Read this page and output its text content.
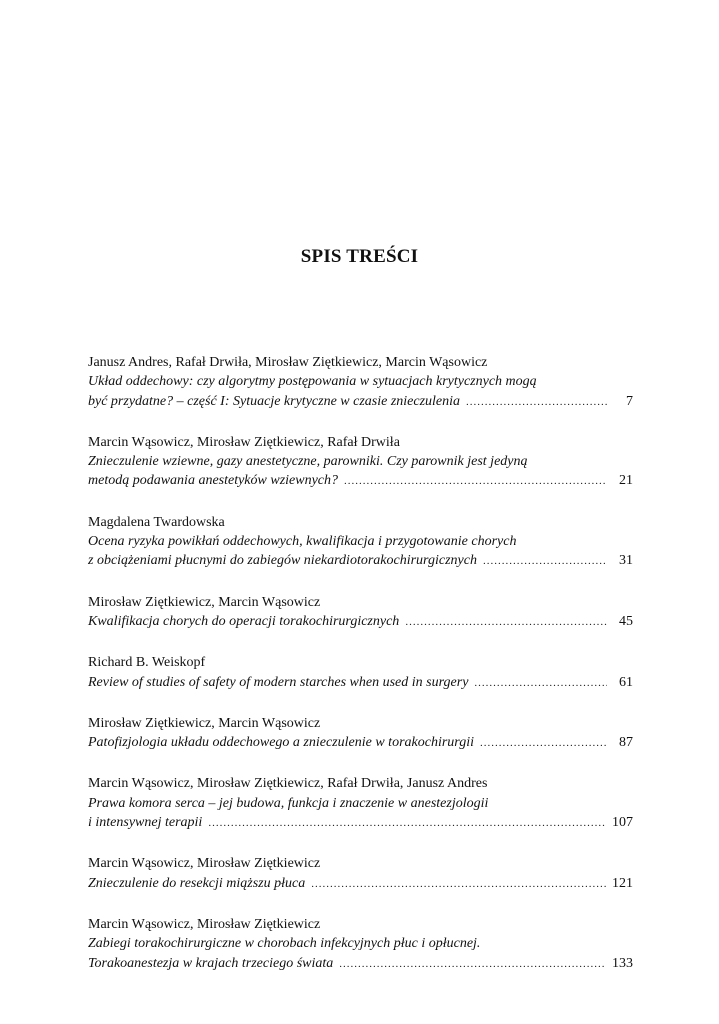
SPIS TREŚCI
Janusz Andres, Rafał Drwiła, Mirosław Ziętkiewicz, Marcin Wąsowicz
Układ oddechowy: czy algorytmy postępowania w sytuacjach krytycznych mogą
być przydatne? – część I: Sytuacje krytyczne w czasie znieczulenia .....	7
Marcin Wąsowicz, Mirosław Ziętkiewicz, Rafał Drwiła
Znieczulenie wziewne, gazy anestetyczne, parowniki. Czy parownik jest jedyną
metodą podawania anestetyków wziewnych? .....	21
Magdalena Twardowska
Ocena ryzyka powikłań oddechowych, kwalifikacja i przygotowanie chorych
z obciążeniami płucnymi do zabiegów niekardiotorakochirurgicznych .....	31
Mirosław Ziętkiewicz, Marcin Wąsowicz
Kwalifikacja chorych do operacji torakochirurgicznych .....	45
Richard B. Weiskopf
Review of studies of safety of modern starches when used in surgery .....	61
Mirosław Ziętkiewicz, Marcin Wąsowicz
Patofizjologia układu oddechowego a znieczulenie w torakochirurgii .....	87
Marcin Wąsowicz, Mirosław Ziętkiewicz, Rafał Drwiła, Janusz Andres
Prawa komora serca – jej budowa, funkcja i znaczenie w anestezjologii
i intensywnej terapii .....	107
Marcin Wąsowicz, Mirosław Ziętkiewicz
Znieczulenie do resekcji miąższu płuca .....	121
Marcin Wąsowicz, Mirosław Ziętkiewicz
Zabiegi torakochirurgiczne w chorobach infekcyjnych płuc i opłucnej.
Torakoanestezja w krajach trzeciego świata .....	133
